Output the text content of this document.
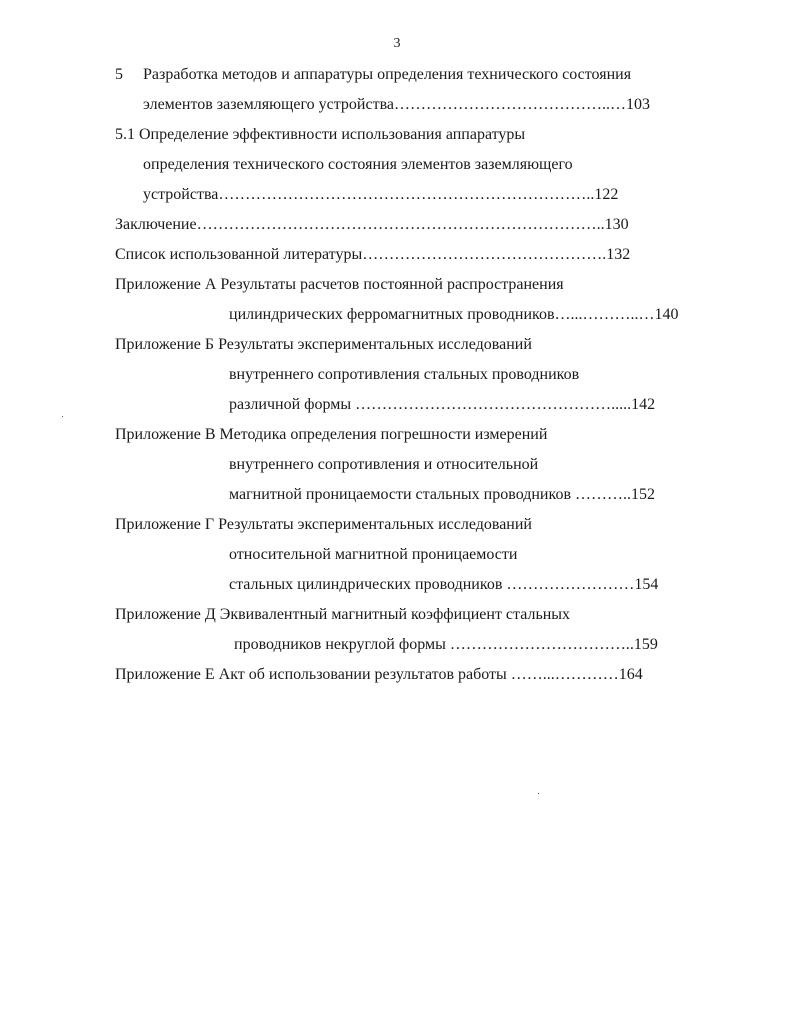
3
5 Разработка методов и аппаратуры определения технического состояния
элементов заземляющего устройства…………………………………..…103
5.1 Определение эффективности использования аппаратуры
определения технического состояния элементов заземляющего
устройства……………………………………………………………..122
Заключение…………………………………………………………………..130
Список использованной литературы……………………………………….132
Приложение А Результаты расчетов постоянной распространения
цилиндрических ферромагнитных проводников…...………..…140
Приложение Б Результаты экспериментальных исследований
внутреннего сопротивления стальных проводников
различной формы ………………………………………….....142
Приложение В Методика определения погрешности измерений
внутреннего сопротивления и относительной
магнитной проницаемости стальных проводников ………..152
Приложение Г Результаты экспериментальных исследований
относительной магнитной проницаемости
стальных цилиндрических проводников ……………………154
Приложение Д Эквивалентный магнитный коэффициент стальных
проводников некруглой формы ……………………………..159
Приложение Е Акт об использовании результатов работы ……...…………164
